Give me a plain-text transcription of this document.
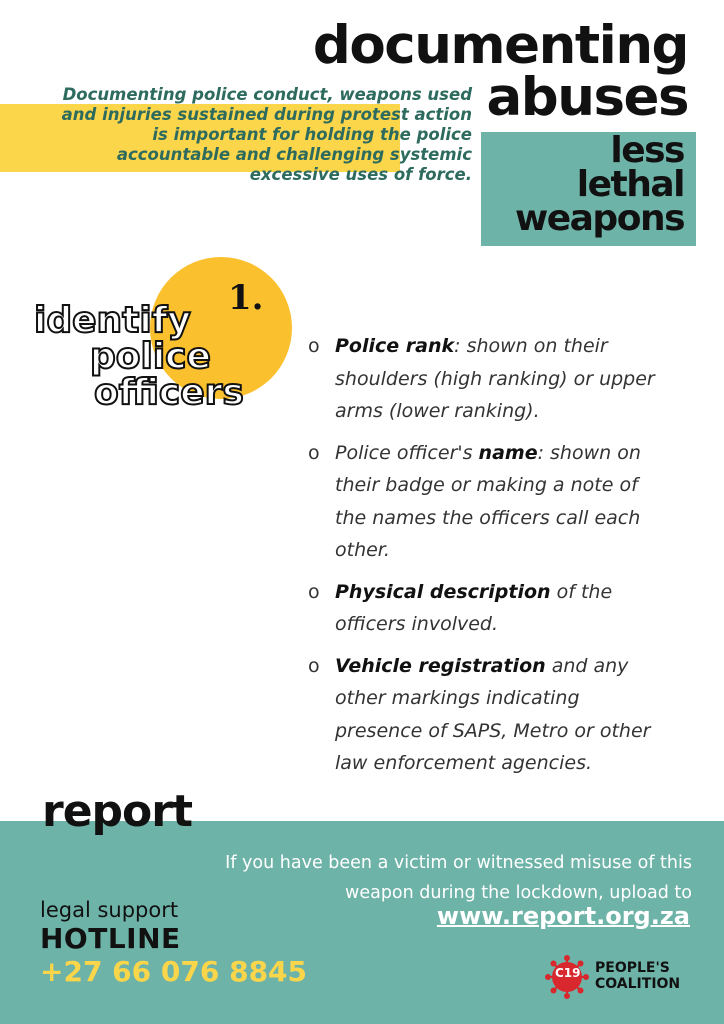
documenting
abuses
less
lethal
weapons
Documenting police conduct, weapons used and injuries sustained during protest action is important for holding the police accountable and challenging systemic excessive uses of force.
1.
identify
police
officers
o Police rank: shown on their shoulders (high ranking) or upper arms (lower ranking).
o Police officer's name: shown on their badge or making a note of the names the officers call each other.
o Physical description of the officers involved.
o Vehicle registration and any other markings indicating presence of SAPS, Metro or other law enforcement agencies.
report
If you have been a victim or witnessed misuse of this weapon during the lockdown, upload to
www.report.org.za
legal support
HOTLINE
+27 66 076 8845	C19 PEOPLE'S
COALITION
